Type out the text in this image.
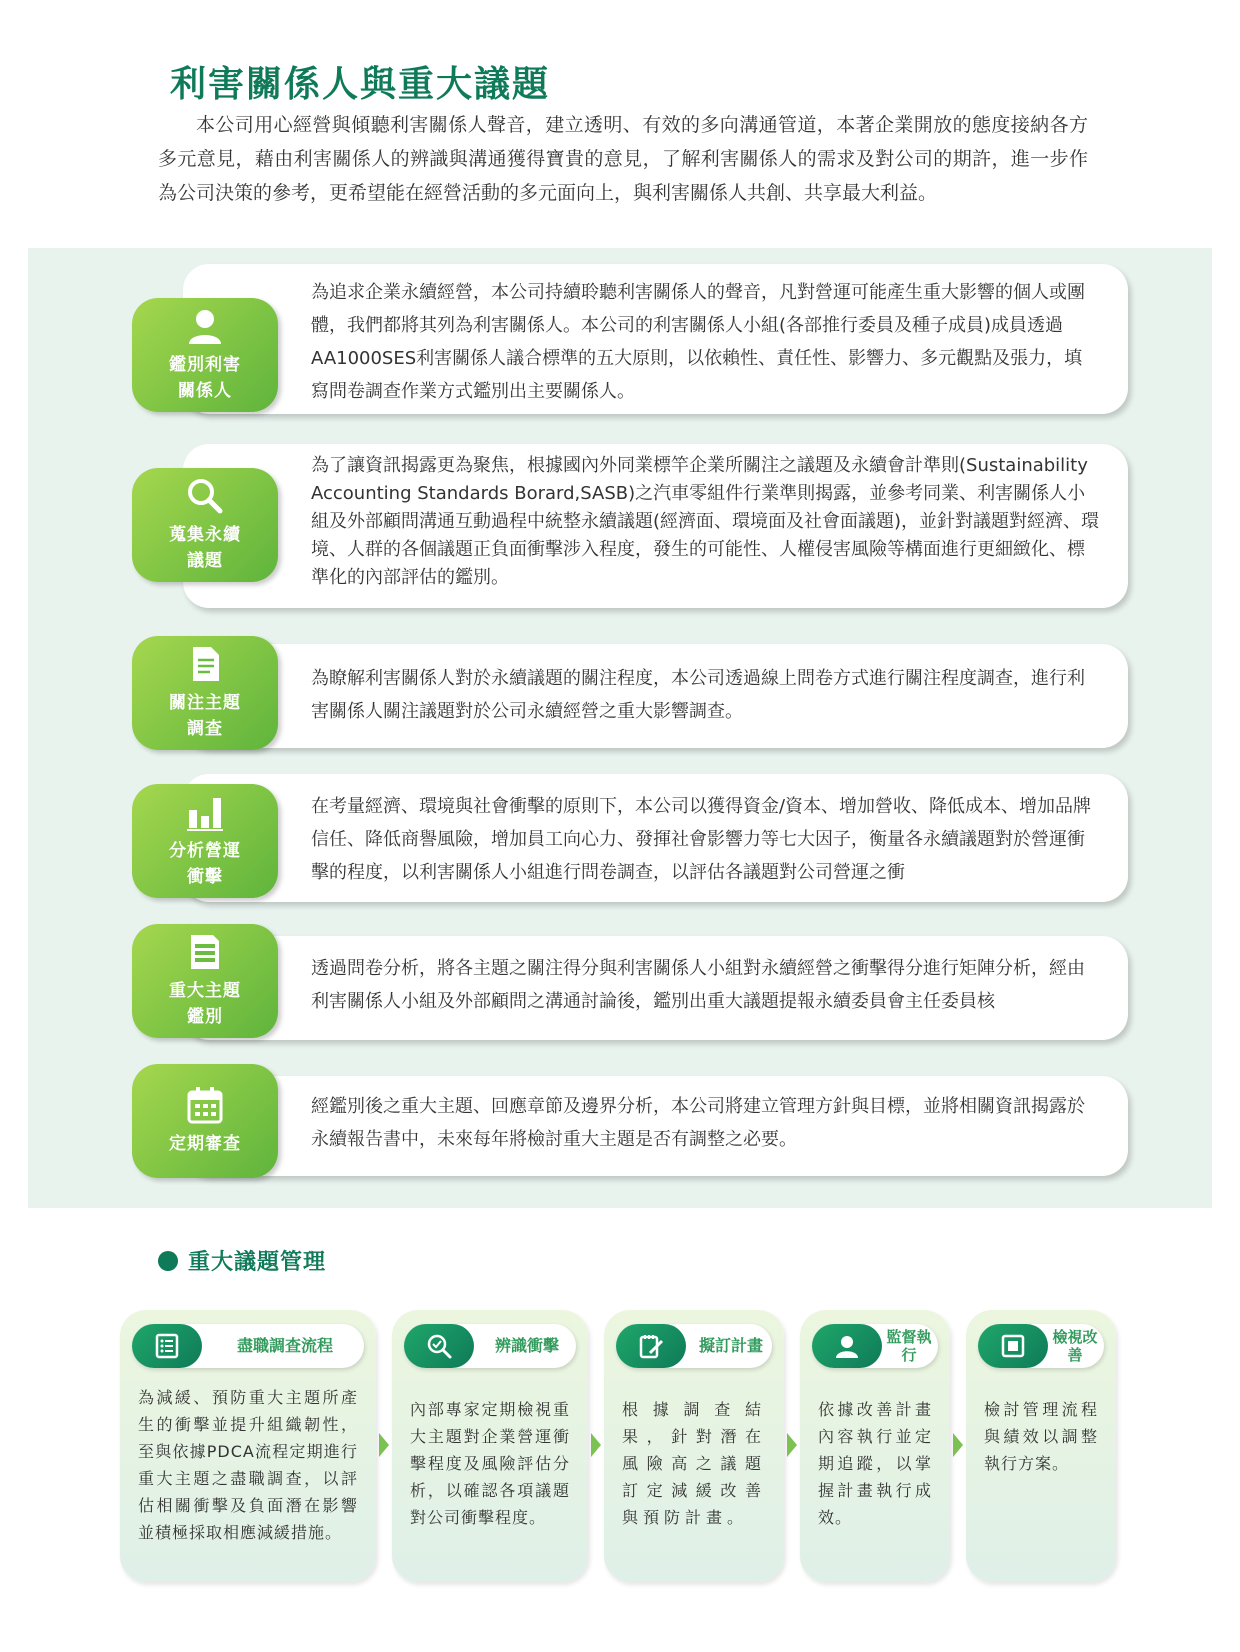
利害關係人與重大議題

本公司用心經營與傾聽利害關係人聲音，建立透明、有效的多向溝通管道，本著企業開放的態度接納各方多元意見，藉由利害關係人的辨識與溝通獲得寶貴的意見，了解利害關係人的需求及對公司的期許，進一步作為公司決策的參考，更希望能在經營活動的多元面向上，與利害關係人共創、共享最大利益。

為追求企業永續經營，本公司持續聆聽利害關係人的聲音，凡對營運可能產生重大影響的個人或團體，我們都將其列為利害關係人。本公司的利害關係人小組(各部推行委員及種子成員)成員透過AA1000SES利害關係人議合標準的五大原則，以依賴性、責任性、影響力、多元觀點及張力，填寫問卷調查作業方式鑑別出主要關係人。

鑑別利害
關係人

為了讓資訊揭露更為聚焦，根據國內外同業標竿企業所關注之議題及永續會計準則(Sustainability Accounting Standards Borard,SASB)之汽車零組件行業準則揭露，並參考同業、利害關係人小組及外部顧問溝通互動過程中統整永續議題(經濟面、環境面及社會面議題)，並針對議題對經濟、環境、人群的各個議題正負面衝擊涉入程度，發生的可能性、人權侵害風險等構面進行更細緻化、標準化的內部評估的鑑別。

蒐集永續
議題

為瞭解利害關係人對於永續議題的關注程度，本公司透過線上問卷方式進行關注程度調查，進行利害關係人關注議題對於公司永續經營之重大影響調查。

關注主題
調查

在考量經濟、環境與社會衝擊的原則下，本公司以獲得資金/資本、增加營收、降低成本、增加品牌信任、降低商譽風險，增加員工向心力、發揮社會影響力等七大因子，衡量各永續議題對於營運衝擊的程度，以利害關係人小組進行問卷調查，以評估各議題對公司營運之衝

分析營運
衝擊

透過問卷分析，將各主題之關注得分與利害關係人小組對永續經營之衝擊得分進行矩陣分析，經由利害關係人小組及外部顧問之溝通討論後，鑑別出重大議題提報永續委員會主任委員核

重大主題
鑑別

經鑑別後之重大主題、回應章節及邊界分析，本公司將建立管理方針與目標，並將相關資訊揭露於永續報告書中，未來每年將檢討重大主題是否有調整之必要。

定期審查
重大議題管理
盡職調查流程

為減緩、預防重大主題所產生的衝擊並提升組織韌性，至與依據PDCA流程定期進行重大主題之盡職調查，以評估相關衝擊及負面潛在影響並積極採取相應減緩措施。

辨識衝擊

內部專家定期檢視重大主題對企業營運衝擊程度及風險評估分析，以確認各項議題對公司衝擊程度。

擬訂計畫

根據調查結果，針對潛在風險高之議題訂定減緩改善與預防計畫。

監督執行

依據改善計畫內容執行並定期追蹤，以掌握計畫執行成效。

檢視改善

檢討管理流程與績效以調整執行方案。
